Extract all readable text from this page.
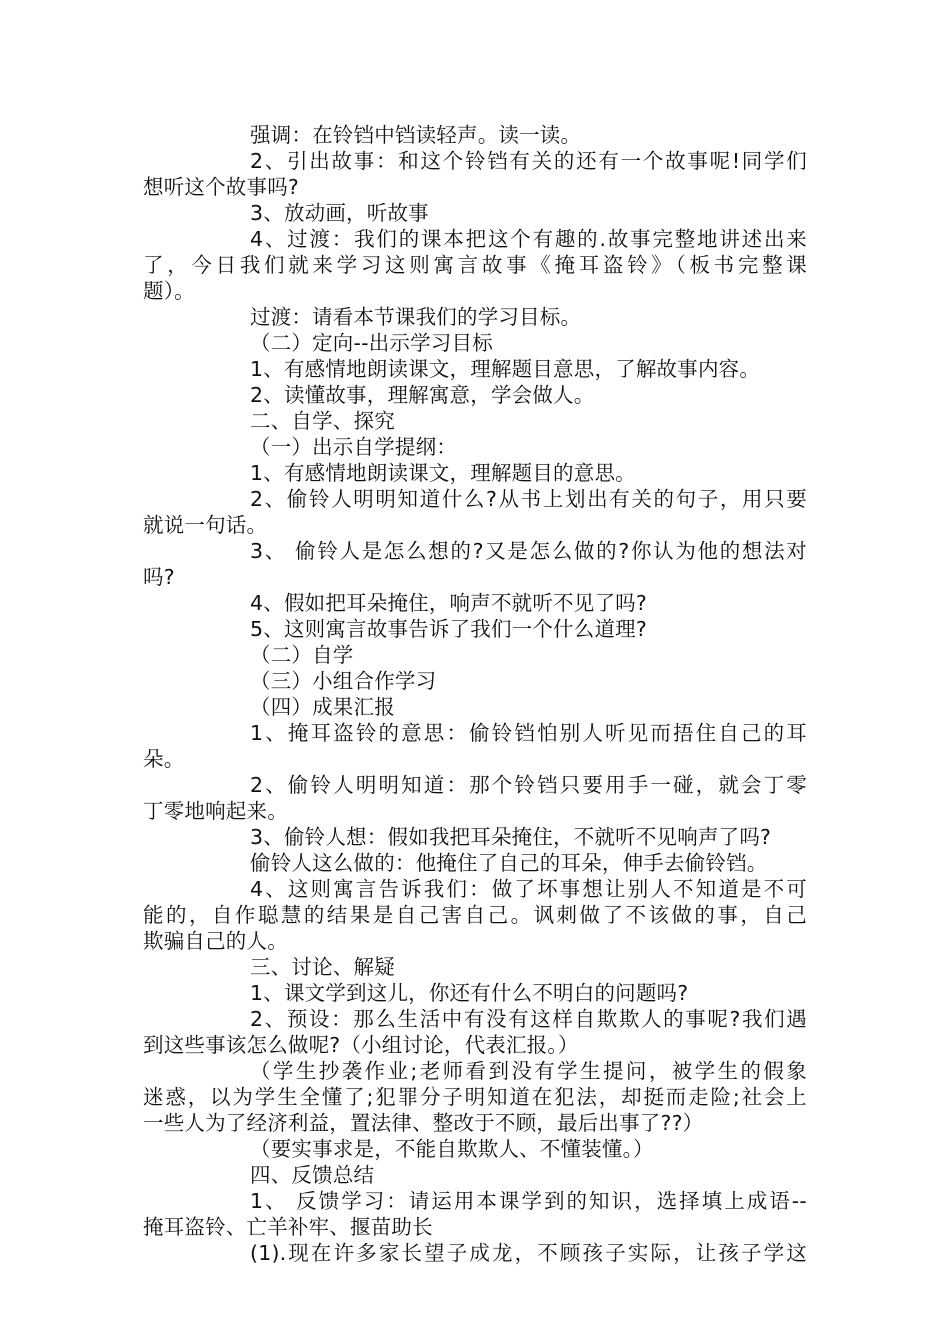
强调：在铃铛中铛读轻声。读一读。
2、引出故事：和这个铃铛有关的还有一个故事呢!同学们
想听这个故事吗?
3、放动画，听故事
4、过渡：我们的课本把这个有趣的.故事完整地讲述出来
了，今日我们就来学习这则寓言故事《掩耳盗铃》（板书完整课
题）。
过渡：请看本节课我们的学习目标。
（二）定向--出示学习目标
1、有感情地朗读课文，理解题目意思，了解故事内容。
2、读懂故事，理解寓意，学会做人。
二、自学、探究
（一）出示自学提纲：
1、有感情地朗读课文，理解题目的意思。
2、偷铃人明明知道什么?从书上划出有关的句子，用只要
就说一句话。
3、 偷铃人是怎么想的?又是怎么做的?你认为他的想法对
吗?
4、假如把耳朵掩住，响声不就听不见了吗?
5、这则寓言故事告诉了我们一个什么道理?
（二）自学
（三）小组合作学习
（四）成果汇报
1、掩耳盗铃的意思：偷铃铛怕别人听见而捂住自己的耳
朵。
2、偷铃人明明知道：那个铃铛只要用手一碰，就会丁零
丁零地响起来。
3、偷铃人想：假如我把耳朵掩住，不就听不见响声了吗?
偷铃人这么做的：他掩住了自己的耳朵，伸手去偷铃铛。
4、这则寓言告诉我们：做了坏事想让别人不知道是不可
能的，自作聪慧的结果是自己害自己。讽刺做了不该做的事，自己
欺骗自己的人。
三、讨论、解疑
1、课文学到这儿，你还有什么不明白的问题吗?
2、预设：那么生活中有没有这样自欺欺人的事呢?我们遇
到这些事该怎么做呢?（小组讨论，代表汇报。）
（学生抄袭作业;老师看到没有学生提问，被学生的假象
迷惑，以为学生全懂了;犯罪分子明知道在犯法，却挺而走险;社会上
一些人为了经济利益，置法律、整改于不顾，最后出事了??）
（要实事求是，不能自欺欺人、不懂装懂。）
四、反馈总结
1、 反馈学习：请运用本课学到的知识，选择填上成语--
掩耳盗铃、亡羊补牢、揠苗助长
(1).现在许多家长望子成龙，不顾孩子实际，让孩子学这
